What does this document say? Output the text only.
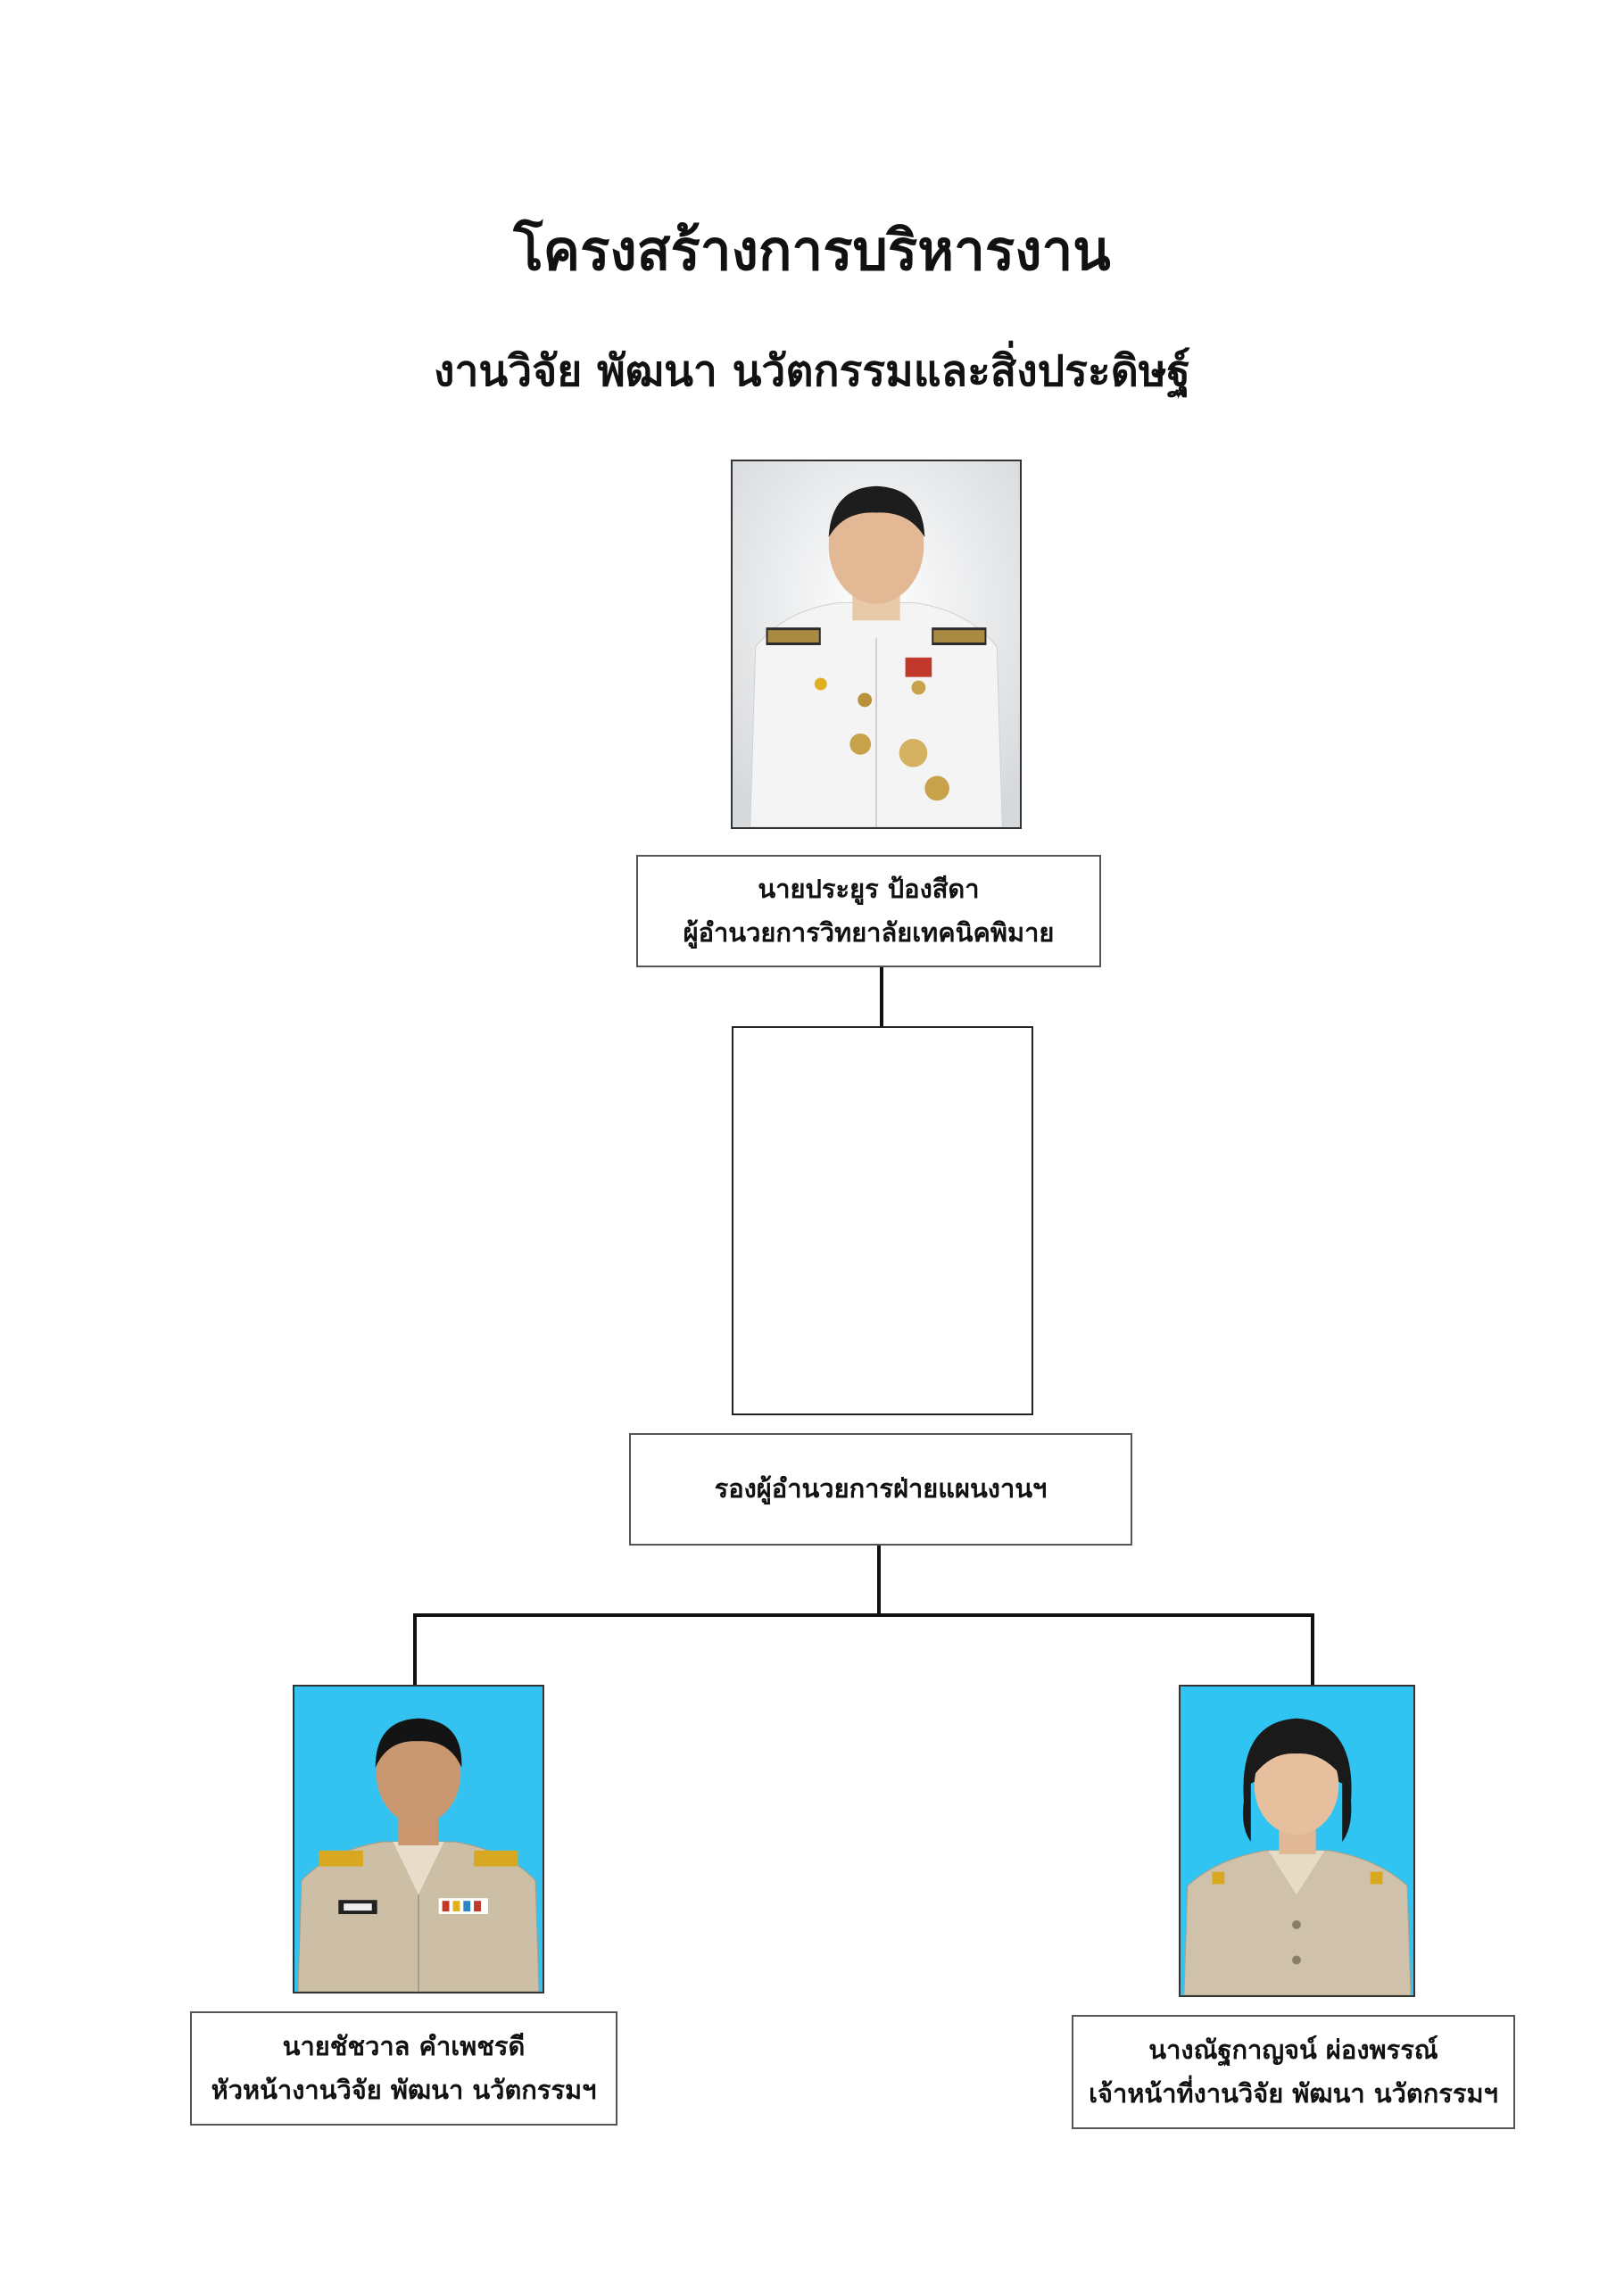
โครงสร้างการบริหารงาน
งานวิจัย พัฒนา นวัตกรรมและสิ่งประดิษฐ์
นายประยูร ป้องสีดา
ผู้อำนวยการวิทยาลัยเทคนิคพิมาย
รองผู้อำนวยการฝ่ายแผนงานฯ
นายชัชวาล คำเพชรดี
หัวหน้างานวิจัย พัฒนา นวัตกรรมฯ
นางณัฐกาญจน์ ผ่องพรรณ์
เจ้าหน้าที่งานวิจัย พัฒนา นวัตกรรมฯ
